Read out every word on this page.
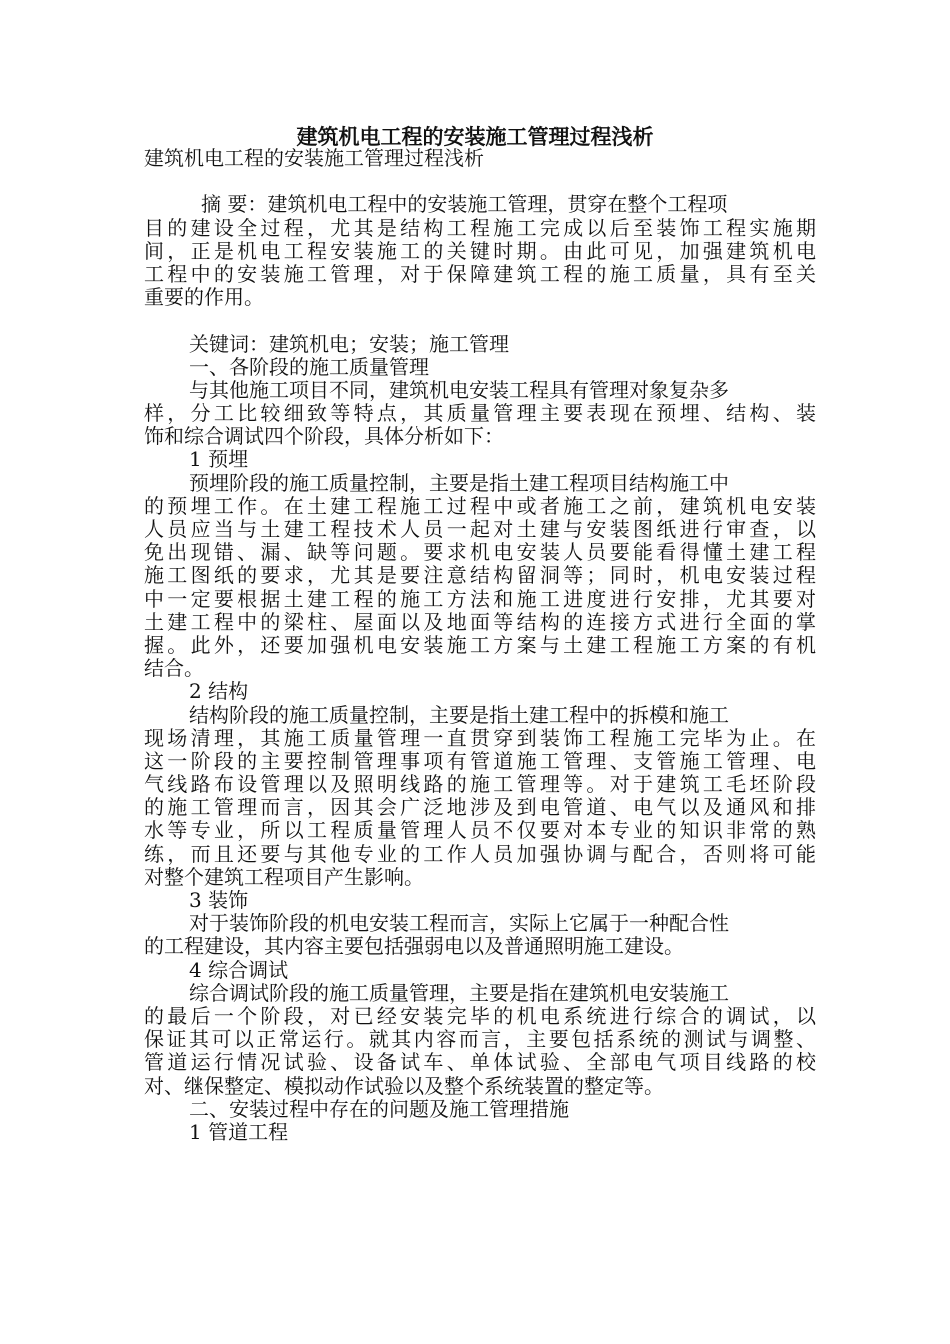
建筑机电工程的安装施工管理过程浅析
建筑机电工程的安装施工管理过程浅析
摘 要：建筑机电工程中的安装施工管理，贯穿在整个工程项
目的建设全过程，尤其是结构工程施工完成以后至装饰工程实施期
间，正是机电工程安装施工的关键时期。由此可见，加强建筑机电
工程中的安装施工管理，对于保障建筑工程的施工质量，具有至关
重要的作用。
关键词：建筑机电；安装；施工管理
一、各阶段的施工质量管理
与其他施工项目不同，建筑机电安装工程具有管理对象复杂多
样，分工比较细致等特点，其质量管理主要表现在预埋、结构、装
饰和综合调试四个阶段，具体分析如下：
1 预埋
预埋阶段的施工质量控制，主要是指土建工程项目结构施工中
的预埋工作。在土建工程施工过程中或者施工之前，建筑机电安装
人员应当与土建工程技术人员一起对土建与安装图纸进行审查，以
免出现错、漏、缺等问题。要求机电安装人员要能看得懂土建工程
施工图纸的要求，尤其是要注意结构留洞等；同时，机电安装过程
中一定要根据土建工程的施工方法和施工进度进行安排，尤其要对
土建工程中的梁柱、屋面以及地面等结构的连接方式进行全面的掌
握。此外，还要加强机电安装施工方案与土建工程施工方案的有机
结合。
2 结构
结构阶段的施工质量控制，主要是指土建工程中的拆模和施工
现场清理，其施工质量管理一直贯穿到装饰工程施工完毕为止。在
这一阶段的主要控制管理事项有管道施工管理、支管施工管理、电
气线路布设管理以及照明线路的施工管理等。对于建筑工毛坯阶段
的施工管理而言，因其会广泛地涉及到电管道、电气以及通风和排
水等专业，所以工程质量管理人员不仅要对本专业的知识非常的熟
练，而且还要与其他专业的工作人员加强协调与配合，否则将可能
对整个建筑工程项目产生影响。
3 装饰
对于装饰阶段的机电安装工程而言，实际上它属于一种配合性
的工程建设，其内容主要包括强弱电以及普通照明施工建设。
4 综合调试
综合调试阶段的施工质量管理，主要是指在建筑机电安装施工
的最后一个阶段，对已经安装完毕的机电系统进行综合的调试，以
保证其可以正常运行。就其内容而言，主要包括系统的测试与调整、
管道运行情况试验、设备试车、单体试验、全部电气项目线路的校
对、继保整定、模拟动作试验以及整个系统装置的整定等。
二、安装过程中存在的问题及施工管理措施
1 管道工程
